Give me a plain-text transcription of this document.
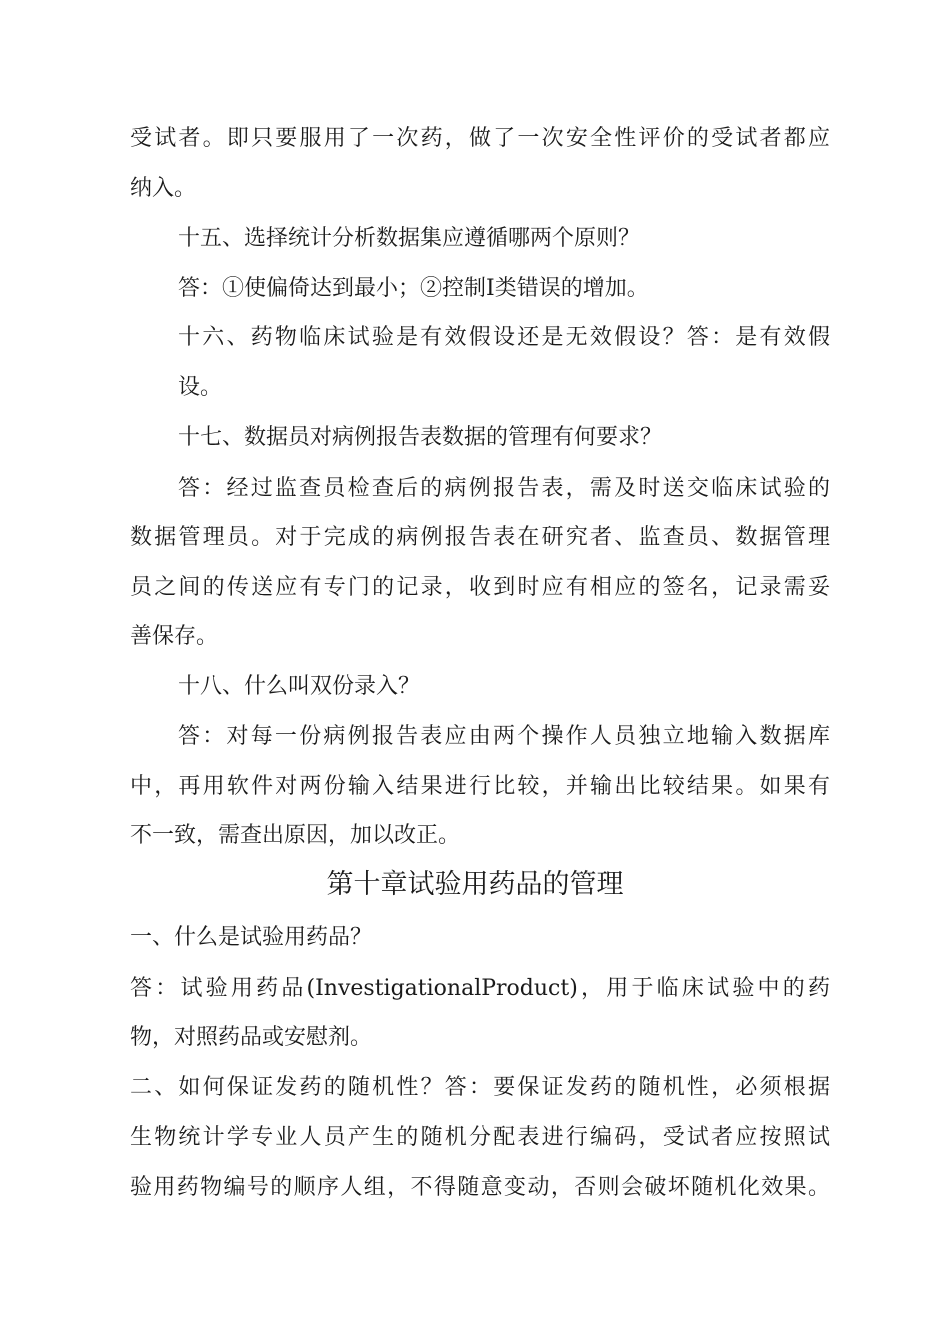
受试者。即只要服用了一次药，做了一次安全性评价的受试者都应
纳入。
十五、选择统计分析数据集应遵循哪两个原则？
答：①使偏倚达到最小；②控制Ⅰ类错误的增加。
十六、药物临床试验是有效假设还是无效假设？答：是有效假
设。
十七、数据员对病例报告表数据的管理有何要求？
答：经过监查员检查后的病例报告表，需及时送交临床试验的
数据管理员。对于完成的病例报告表在研究者、监查员、数据管理
员之间的传送应有专门的记录，收到时应有相应的签名，记录需妥
善保存。
十八、什么叫双份录入？
答：对每一份病例报告表应由两个操作人员独立地输入数据库
中，再用软件对两份输入结果进行比较，并输出比较结果。如果有
不一致，需查出原因，加以改正。
第十章试验用药品的管理
一、什么是试验用药品？
答：试验用药品(InvestigationalProduct)，用于临床试验中的药
物，对照药品或安慰剂。
二、如何保证发药的随机性？答：要保证发药的随机性，必须根据
生物统计学专业人员产生的随机分配表进行编码，受试者应按照试
验用药物编号的顺序人组，不得随意变动，否则会破坏随机化效果。
